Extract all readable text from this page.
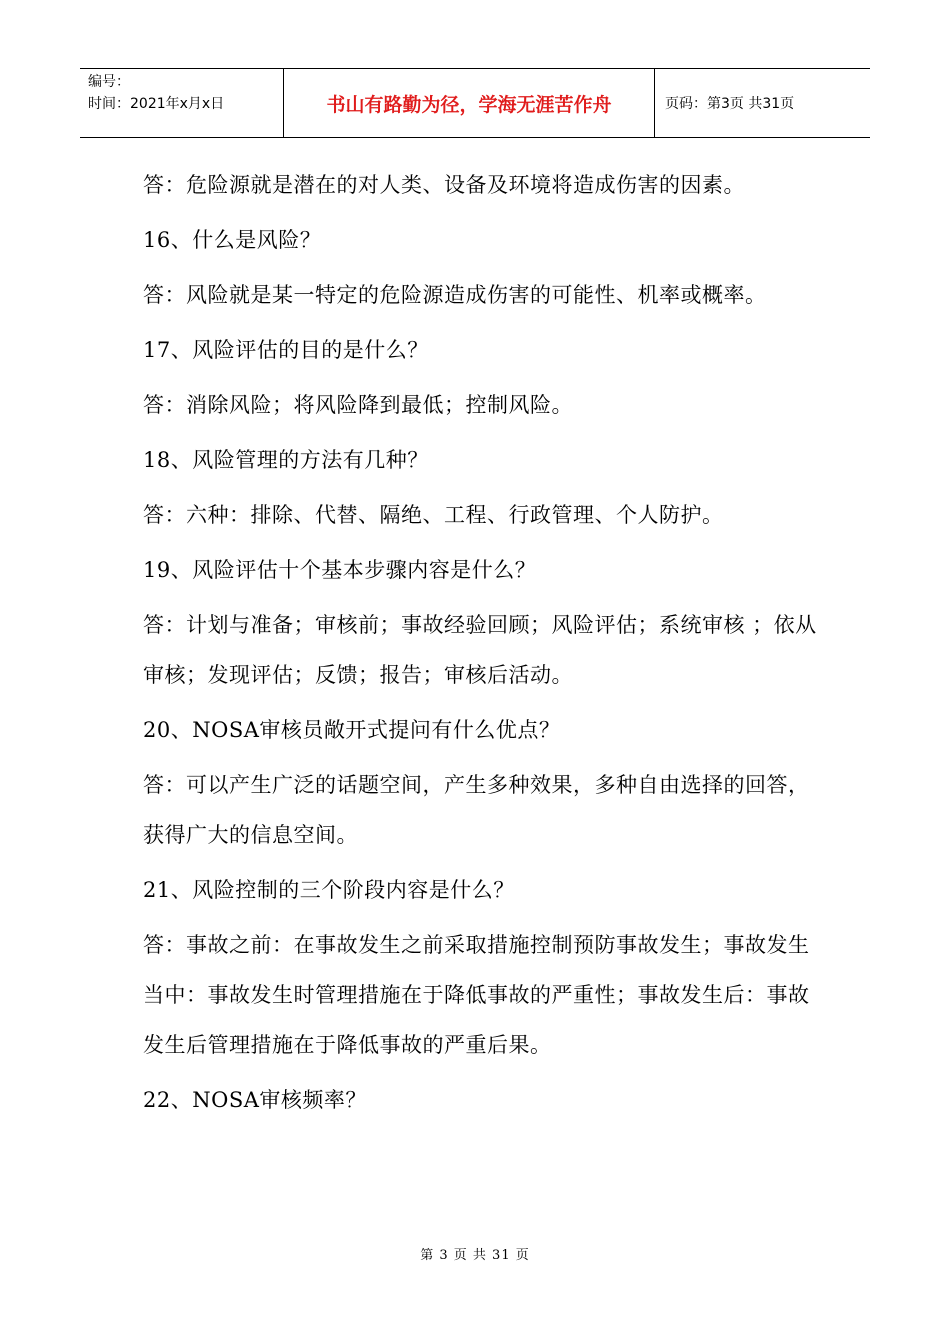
编号：
时间：2021年x月x日	书山有路勤为径，学海无涯苦作舟	页码：第3页 共31页

答：危险源就是潜在的对人类、设备及环境将造成伤害的因素。

16、什么是风险？

答：风险就是某一特定的危险源造成伤害的可能性、机率或概率。

17、风险评估的目的是什么？

答：消除风险；将风险降到最低；控制风险。

18、风险管理的方法有几种？

答：六种：排除、代替、隔绝、工程、行政管理、个人防护。

19、风险评估十个基本步骤内容是什么？

答：计划与准备；审核前；事故经验回顾；风险评估；系统审核 ；依从审核；发现评估；反馈；报告；审核后活动。

20、NOSA审核员敞开式提问有什么优点？

答：可以产生广泛的话题空间，产生多种效果，多种自由选择的回答，获得广大的信息空间。

21、风险控制的三个阶段内容是什么？

答：事故之前：在事故发生之前采取措施控制预防事故发生；事故发生当中：事故发生时管理措施在于降低事故的严重性；事故发生后：事故发生后管理措施在于降低事故的严重后果。

22、NOSA审核频率？

第 3 页 共 31 页
